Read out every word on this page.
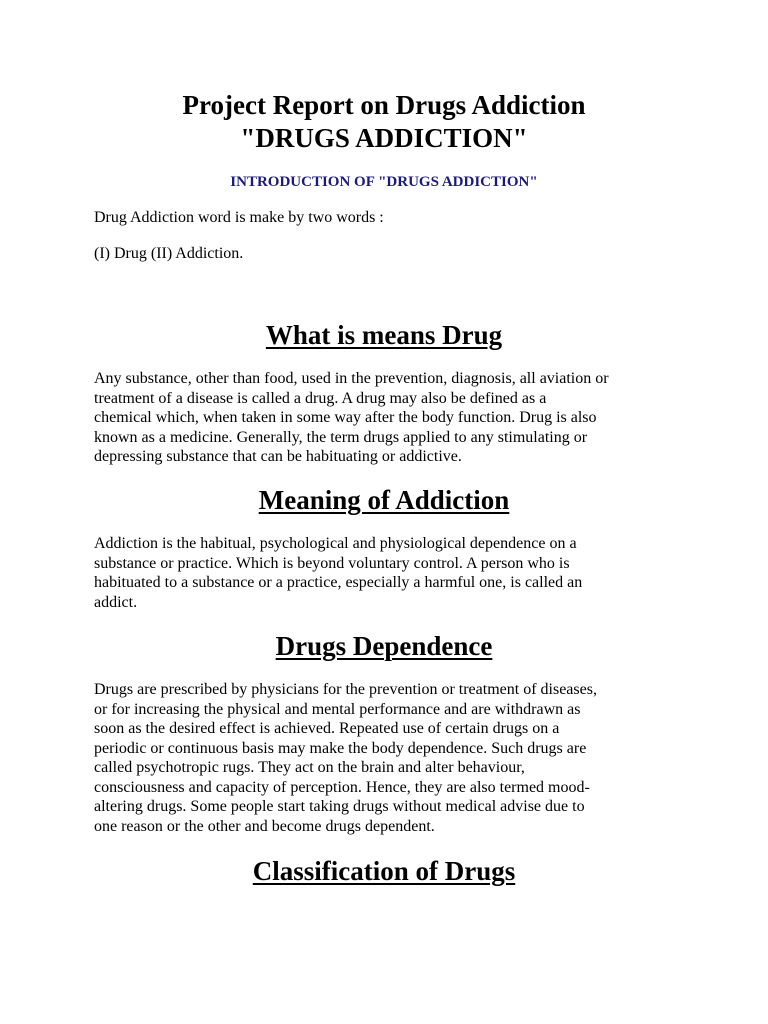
Project Report on Drugs Addiction
"DRUGS ADDICTION"
INTRODUCTION OF "DRUGS ADDICTION"

Drug Addiction word is make by two words :

(I) Drug (II) Addiction.

What is means Drug

Any substance, other than food, used in the prevention, diagnosis, all aviation or
treatment of a disease is called a drug. A drug may also be defined as a
chemical which, when taken in some way after the body function. Drug is also
known as a medicine. Generally, the term drugs applied to any stimulating or
depressing substance that can be habituating or addictive.

Meaning of Addiction

Addiction is the habitual, psychological and physiological dependence on a
substance or practice. Which is beyond voluntary control. A person who is
habituated to a substance or a practice, especially a harmful one, is called an
addict.

Drugs Dependence

Drugs are prescribed by physicians for the prevention or treatment of diseases,
or for increasing the physical and mental performance and are withdrawn as
soon as the desired effect is achieved. Repeated use of certain drugs on a
periodic or continuous basis may make the body dependence. Such drugs are
called psychotropic rugs. They act on the brain and alter behaviour,
consciousness and capacity of perception. Hence, they are also termed mood-
altering drugs. Some people start taking drugs without medical advise due to
one reason or the other and become drugs dependent.

Classification of Drugs
